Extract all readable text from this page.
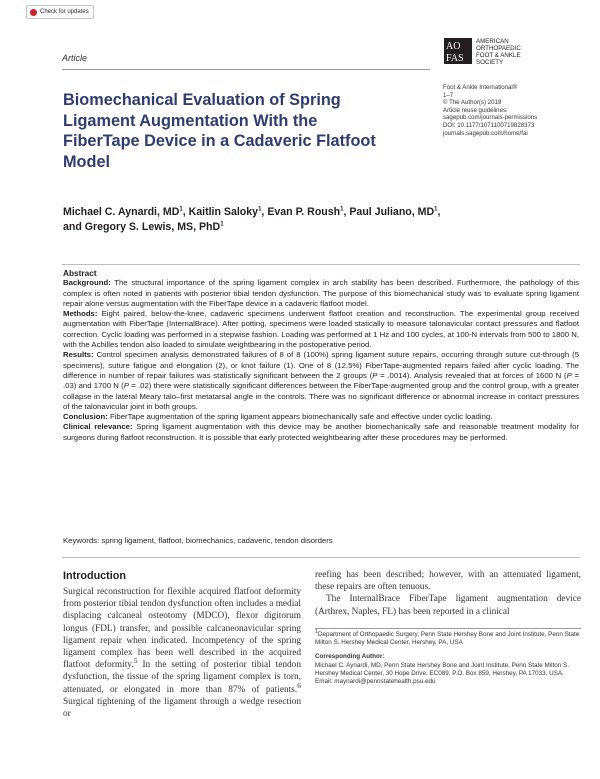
Check for updates
Article
AO
FAS
AMERICAN
ORTHOPAEDIC
FOOT & ANKLE
SOCIETY
Foot & Ankle International®
1–7
© The Author(s) 2019
Article reuse guidelines:
sagepub.com/journals-permissions
DOI: 10.1177/1071100719828373
journals.sagepub.com/home/fai
Biomechanical Evaluation of Spring Ligament Augmentation With the FiberTape Device in a Cadaveric Flatfoot Model
Michael C. Aynardi, $MD^1$, Kaitlin Saloky$^1$, Evan P. Roush$^1$, Paul Juliano, $MD^1$,
and Gregory S. Lewis, MS, PhD$^1$
Abstract

Background: The structural importance of the spring ligament complex in arch stability has been described. Furthermore, the pathology of this complex is often noted in patients with posterior tibial tendon dysfunction. The purpose of this biomechanical study was to evaluate spring ligament repair alone versus augmentation with the FiberTape device in a cadaveric flatfoot model.

Methods: Eight paired, below-the-knee, cadaveric specimens underwent flatfoot creation and reconstruction. The experimental group received augmentation with FiberTape (InternalBrace). After potting, specimens were loaded statically to measure talonavicular contact pressures and flatfoot correction. Cyclic loading was performed in a stepwise fashion. Loading was performed at 1 Hz and 100 cycles, at 100-N intervals from 500 to 1800 N, with the Achilles tendon also loaded to simulate weightbearing in the postoperative period.

Results: Control specimen analysis demonstrated failures of 8 of 8 (100%) spring ligament suture repairs, occurring through suture cut-through (5 specimens), suture fatigue and elongation (2), or knot failure (1). One of 8 (12.5%) FiberTape-augmented repairs failed after cyclic loading. The difference in number of repair failures was statistically significant between the 2 groups (P = .0014). Analysis revealed that at forces of 1600 N (P = .03) and 1700 N (P = .02) there were statistically significant differences between the FiberTape-augmented group and the control group, with a greater collapse in the lateral Meary talo–first metatarsal angle in the controls. There was no significant difference or abnormal increase in contact pressures of the talonavicular joint in both groups.

Conclusion: FiberTape augmentation of the spring ligament appears biomechanically safe and effective under cyclic loading.

Clinical relevance: Spring ligament augmentation with this device may be another biomechanically safe and reasonable treatment modality for surgeons during flatfoot reconstruction. It is possible that early protected weightbearing after these procedures may be performed.

Keywords: spring ligament, flatfoot, biomechanics, cadaveric, tendon disorders
Introduction

Surgical reconstruction for flexible acquired flatfoot deformity from posterior tibial tendon dysfunction often includes a medial displacing calcaneal osteotomy (MDCO), flexor digitorum longus (FDL) transfer, and possible calcaneonavicular spring ligament repair when indicated. Incompetency of the spring ligament complex has been well described in the acquired flatfoot deformity.$^5$ In the setting of posterior tibial tendon dysfunction, the tissue of the spring ligament complex is torn, attenuated, or elongated in more than 87% of patients.$^6$ Surgical tightening of the ligament through a wedge resection or

reefing has been described; however, with an attenuated ligament, these repairs are often tenuous.

The InternalBrace FiberTape ligament augmentation device (Arthrex, Naples, FL) has been reported in a clinical

$^1$Department of Orthopaedic Surgery, Penn State Hershey Bone and Joint Institute, Penn State Milton S. Hershey Medical Center, Hershey, PA, USA

Corresponding Author:

Michael C. Aynardi, MD, Penn State Hershey Bone and Joint Institute, Penn State Milton S. Hershey Medical Center, 30 Hope Drive, EC089, P.O. Box 859, Hershey, PA 17033, USA.

Email: maynardi@pennstatehealth.psu.edu
